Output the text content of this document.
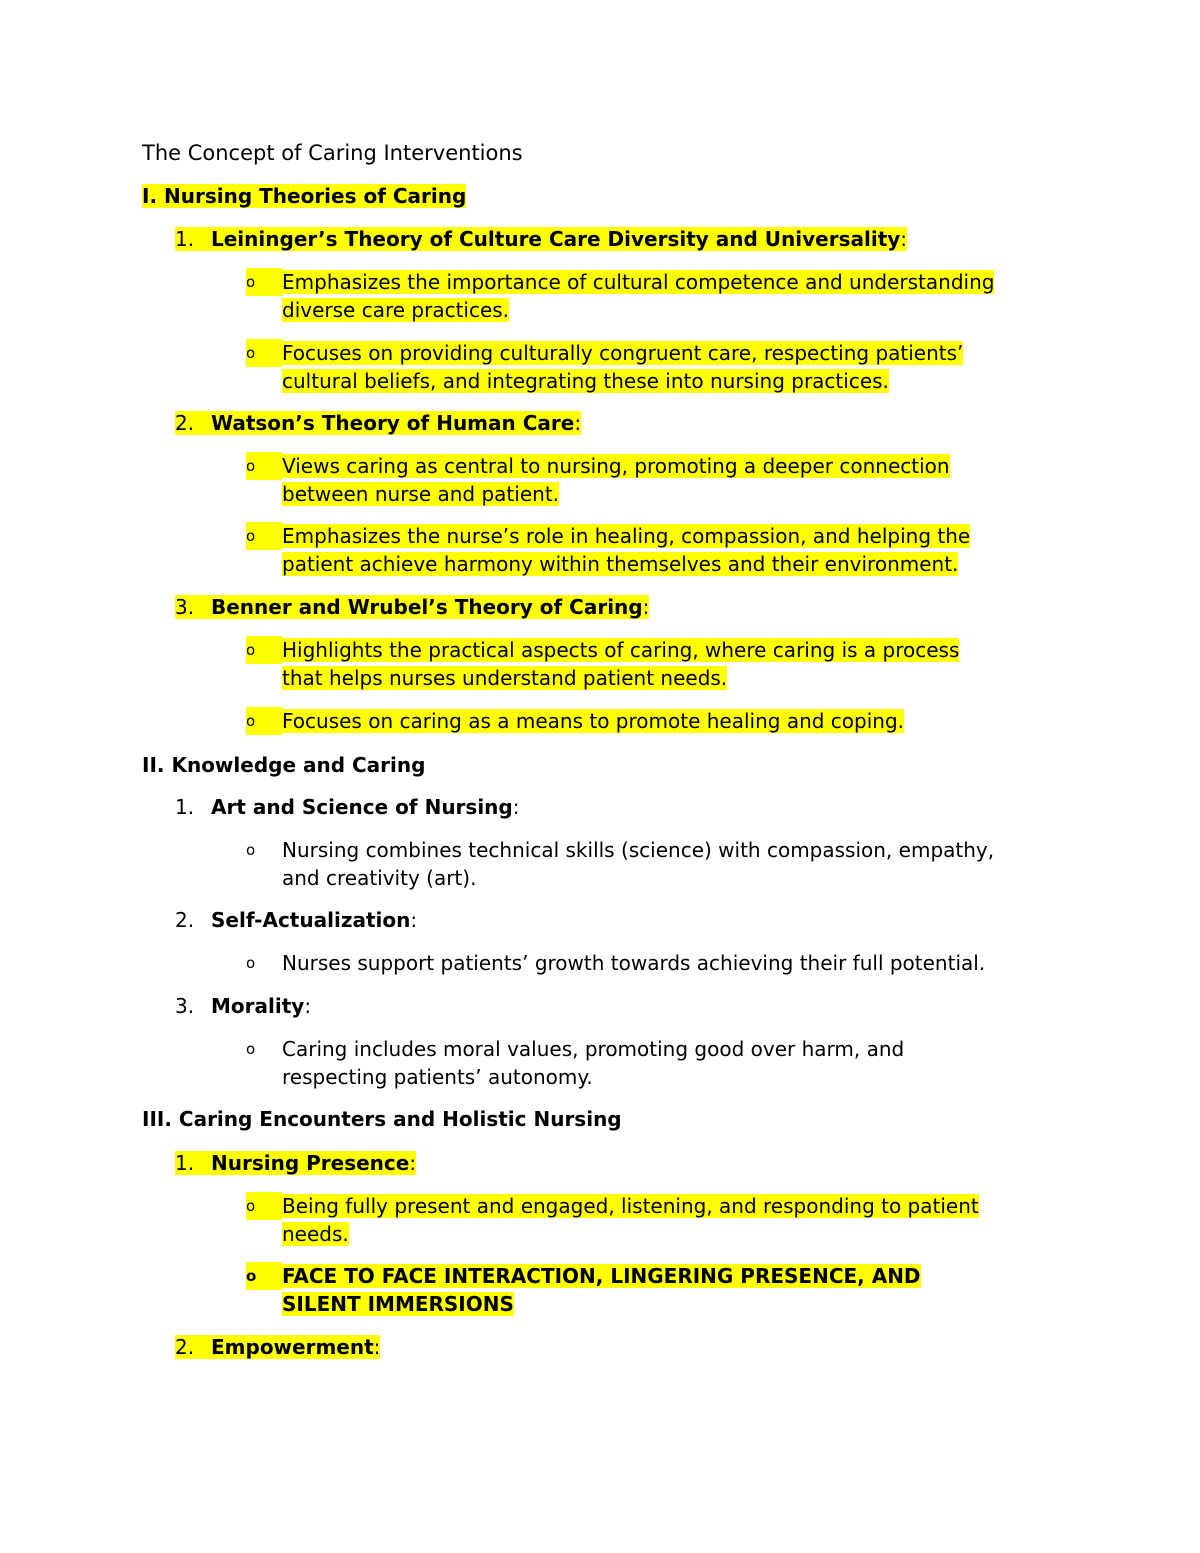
The Concept of Caring Interventions
I. Nursing Theories of Caring
1. Leininger’s Theory of Culture Care Diversity and Universality:
o	Emphasizes the importance of cultural competence and understanding
diverse care practices.
o	Focuses on providing culturally congruent care, respecting patients’
cultural beliefs, and integrating these into nursing practices.
2. Watson’s Theory of Human Care:
o	Views caring as central to nursing, promoting a deeper connection
between nurse and patient.
o	Emphasizes the nurse’s role in healing, compassion, and helping the
patient achieve harmony within themselves and their environment.
3. Benner and Wrubel’s Theory of Caring:
o	Highlights the practical aspects of caring, where caring is a process
that helps nurses understand patient needs.
o	Focuses on caring as a means to promote healing and coping.
II. Knowledge and Caring
1. Art and Science of Nursing:
o	Nursing combines technical skills (science) with compassion, empathy,
and creativity (art).
2. Self-Actualization:
o	Nurses support patients’ growth towards achieving their full potential.
3. Morality:
o	Caring includes moral values, promoting good over harm, and
respecting patients’ autonomy.
III. Caring Encounters and Holistic Nursing
1. Nursing Presence:
o	Being fully present and engaged, listening, and responding to patient
needs.
o	FACE TO FACE INTERACTION, LINGERING PRESENCE, AND
SILENT IMMERSIONS
2. Empowerment:
